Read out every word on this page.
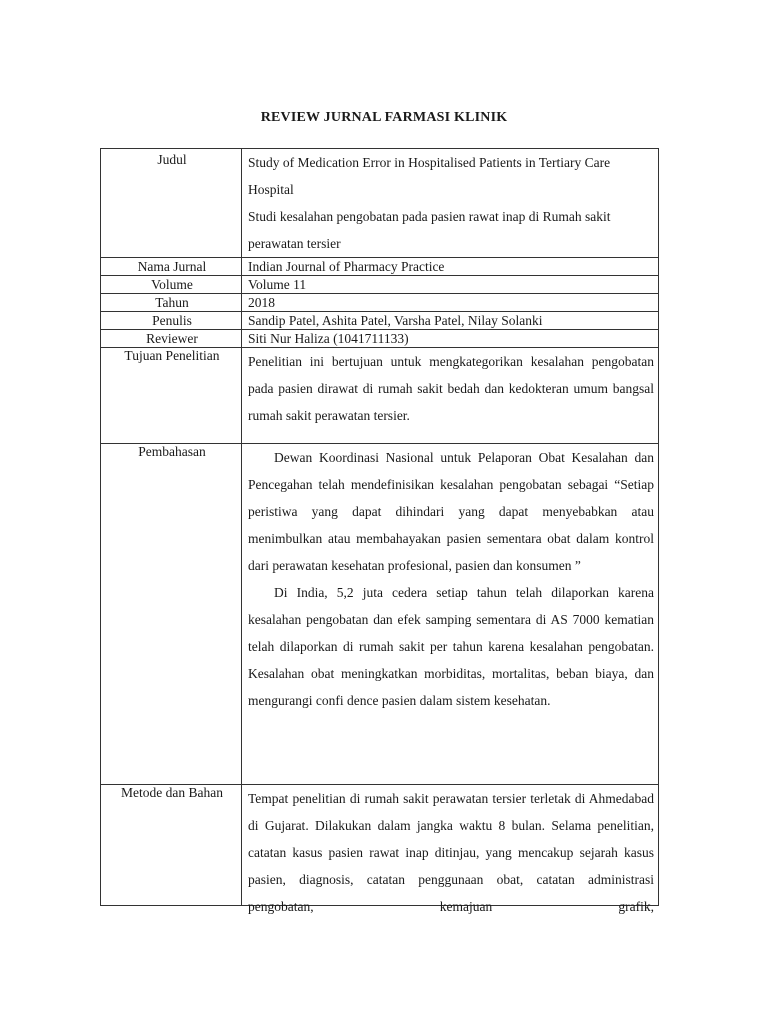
REVIEW JURNAL FARMASI KLINIK
Judul	Study of Medication Error in Hospitalised Patients in Tertiary Care Hospital
Studi kesalahan pengobatan pada pasien rawat inap di Rumah sakit perawatan tersier

Nama Jurnal	Indian Journal of Pharmacy Practice
Volume	Volume 11
Tahun	2018
Penulis	Sandip Patel, Ashita Patel, Varsha Patel, Nilay Solanki
Reviewer	Siti Nur Haliza (1041711133)
Tujuan Penelitian	Penelitian ini bertujuan untuk mengkategorikan kesalahan pengobatan pada pasien dirawat di rumah sakit bedah dan kedokteran umum bangsal rumah sakit perawatan tersier.
Pembahasan	Dewan Koordinasi Nasional untuk Pelaporan Obat Kesalahan dan Pencegahan telah mendefinisikan kesalahan pengobatan sebagai “Setiap peristiwa yang dapat dihindari yang dapat menyebabkan atau menimbulkan atau membahayakan pasien sementara obat dalam kontrol dari perawatan kesehatan profesional, pasien dan konsumen ”

Di India, 5,2 juta cedera setiap tahun telah dilaporkan karena kesalahan pengobatan dan efek samping sementara di AS 7000 kematian telah dilaporkan di rumah sakit per tahun karena kesalahan pengobatan. Kesalahan obat meningkatkan morbiditas, mortalitas, beban biaya, dan mengurangi confi dence pasien dalam sistem kesehatan.

Metode dan Bahan	Tempat penelitian di rumah sakit perawatan tersier terletak di Ahmedabad di Gujarat. Dilakukan dalam jangka waktu 8 bulan. Selama penelitian, catatan kasus pasien rawat inap ditinjau, yang mencakup sejarah kasus pasien, diagnosis, catatan penggunaan obat, catatan administrasi pengobatan, kemajuan grafik,
